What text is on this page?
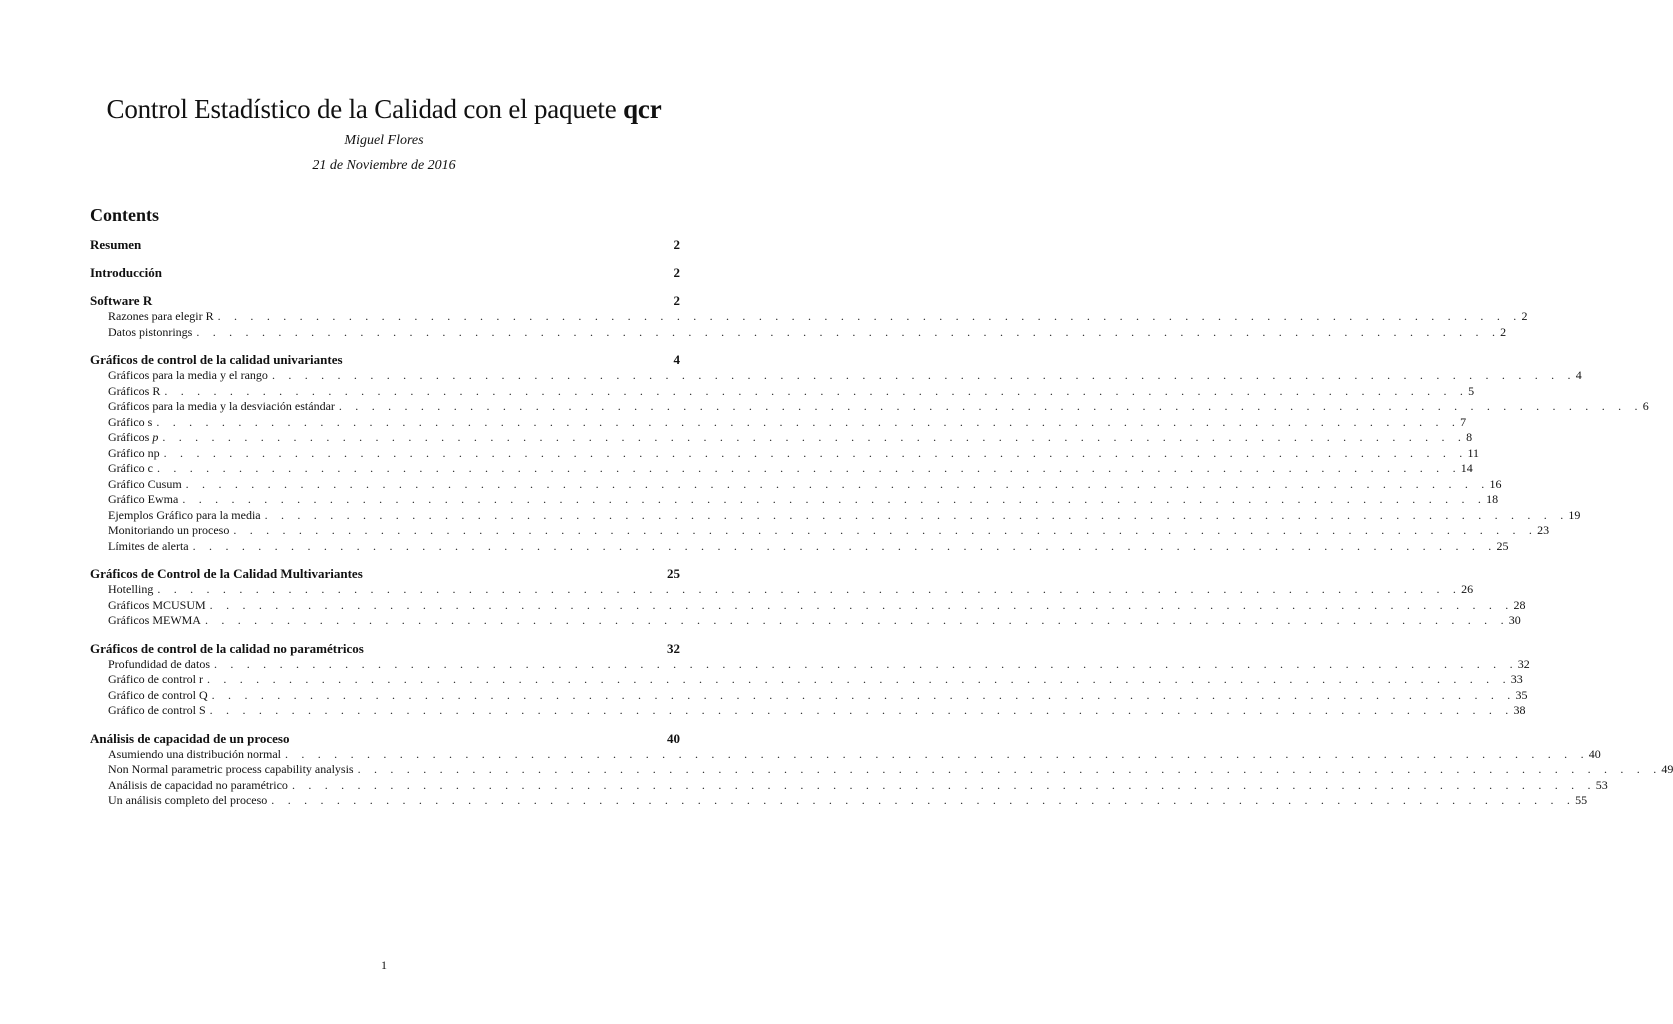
Control Estadístico de la Calidad con el paquete qcr
Miguel Flores
21 de Noviembre de 2016
Contents
Resumen	2
Introducción	2
Software R	2
Razones para elegir R . . . . . . . . . . . . . . . . . . . . . . . . . . . . . . . . . . . . . . . . . . . . . . . . . . . . . . . . . . . . . . . . . . . . . . . . . . . . . . . . 2
Datos pistonrings . . . . . . . . . . . . . . . . . . . . . . . . . . . . . . . . . . . . . . . . . . . . . . . . . . . . . . . . . . . . . . . . . . . . . . . . . . . . . . . . 2
Gráficos de control de la calidad univariantes	4
Gráficos para la media y el rango . . . . . . . . . . . . . . . . . . . . . . . . . . . . . . . . . . . . . . . . . . . . . . . . . . . . . . . . . . . . . . . . . . . . . . . . . . . . . . . . 4
Gráficos R . . . . . . . . . . . . . . . . . . . . . . . . . . . . . . . . . . . . . . . . . . . . . . . . . . . . . . . . . . . . . . . . . . . . . . . . . . . . . . . . 5
Gráficos para la media y la desviación estándar . . . . . . . . . . . . . . . . . . . . . . . . . . . . . . . . . . . . . . . . . . . . . . . . . . . . . . . . . . . . . . . . . . . . . . . . . . . . . . . . 6
Gráfico s . . . . . . . . . . . . . . . . . . . . . . . . . . . . . . . . . . . . . . . . . . . . . . . . . . . . . . . . . . . . . . . . . . . . . . . . . . . . . . . . 7
Gráficos p . . . . . . . . . . . . . . . . . . . . . . . . . . . . . . . . . . . . . . . . . . . . . . . . . . . . . . . . . . . . . . . . . . . . . . . . . . . . . . . . 8
Gráfico np . . . . . . . . . . . . . . . . . . . . . . . . . . . . . . . . . . . . . . . . . . . . . . . . . . . . . . . . . . . . . . . . . . . . . . . . . . . . . . . . 11
Gráfico c . . . . . . . . . . . . . . . . . . . . . . . . . . . . . . . . . . . . . . . . . . . . . . . . . . . . . . . . . . . . . . . . . . . . . . . . . . . . . . . . 14
Gráfico Cusum . . . . . . . . . . . . . . . . . . . . . . . . . . . . . . . . . . . . . . . . . . . . . . . . . . . . . . . . . . . . . . . . . . . . . . . . . . . . . . . . 16
Gráfico Ewma . . . . . . . . . . . . . . . . . . . . . . . . . . . . . . . . . . . . . . . . . . . . . . . . . . . . . . . . . . . . . . . . . . . . . . . . . . . . . . . . 18
Ejemplos Gráfico para la media . . . . . . . . . . . . . . . . . . . . . . . . . . . . . . . . . . . . . . . . . . . . . . . . . . . . . . . . . . . . . . . . . . . . . . . . . . . . . . . . 19
Monitoriando un proceso . . . . . . . . . . . . . . . . . . . . . . . . . . . . . . . . . . . . . . . . . . . . . . . . . . . . . . . . . . . . . . . . . . . . . . . . . . . . . . . . 23
Límites de alerta . . . . . . . . . . . . . . . . . . . . . . . . . . . . . . . . . . . . . . . . . . . . . . . . . . . . . . . . . . . . . . . . . . . . . . . . . . . . . . . . 25
Gráficos de Control de la Calidad Multivariantes	25
Hotelling . . . . . . . . . . . . . . . . . . . . . . . . . . . . . . . . . . . . . . . . . . . . . . . . . . . . . . . . . . . . . . . . . . . . . . . . . . . . . . . . 26
Gráficos MCUSUM . . . . . . . . . . . . . . . . . . . . . . . . . . . . . . . . . . . . . . . . . . . . . . . . . . . . . . . . . . . . . . . . . . . . . . . . . . . . . . . . 28
Gráficos MEWMA . . . . . . . . . . . . . . . . . . . . . . . . . . . . . . . . . . . . . . . . . . . . . . . . . . . . . . . . . . . . . . . . . . . . . . . . . . . . . . . . 30
Gráficos de control de la calidad no paramétricos	32
Profundidad de datos . . . . . . . . . . . . . . . . . . . . . . . . . . . . . . . . . . . . . . . . . . . . . . . . . . . . . . . . . . . . . . . . . . . . . . . . . . . . . . . . 32
Gráfico de control r . . . . . . . . . . . . . . . . . . . . . . . . . . . . . . . . . . . . . . . . . . . . . . . . . . . . . . . . . . . . . . . . . . . . . . . . . . . . . . . . 33
Gráfico de control Q . . . . . . . . . . . . . . . . . . . . . . . . . . . . . . . . . . . . . . . . . . . . . . . . . . . . . . . . . . . . . . . . . . . . . . . . . . . . . . . . 35
Gráfico de control S . . . . . . . . . . . . . . . . . . . . . . . . . . . . . . . . . . . . . . . . . . . . . . . . . . . . . . . . . . . . . . . . . . . . . . . . . . . . . . . . 38
Análisis de capacidad de un proceso	40
Asumiendo una distribución normal . . . . . . . . . . . . . . . . . . . . . . . . . . . . . . . . . . . . . . . . . . . . . . . . . . . . . . . . . . . . . . . . . . . . . . . . . . . . . . . . 40
Non Normal parametric process capability analysis . . . . . . . . . . . . . . . . . . . . . . . . . . . . . . . . . . . . . . . . . . . . . . . . . . . . . . . . . . . . . . . . . . . . . . . . . . . . . . . . 49
Análisis de capacidad no paramétrico . . . . . . . . . . . . . . . . . . . . . . . . . . . . . . . . . . . . . . . . . . . . . . . . . . . . . . . . . . . . . . . . . . . . . . . . . . . . . . . . 53
Un análisis completo del proceso . . . . . . . . . . . . . . . . . . . . . . . . . . . . . . . . . . . . . . . . . . . . . . . . . . . . . . . . . . . . . . . . . . . . . . . . . . . . . . . . 55
1
